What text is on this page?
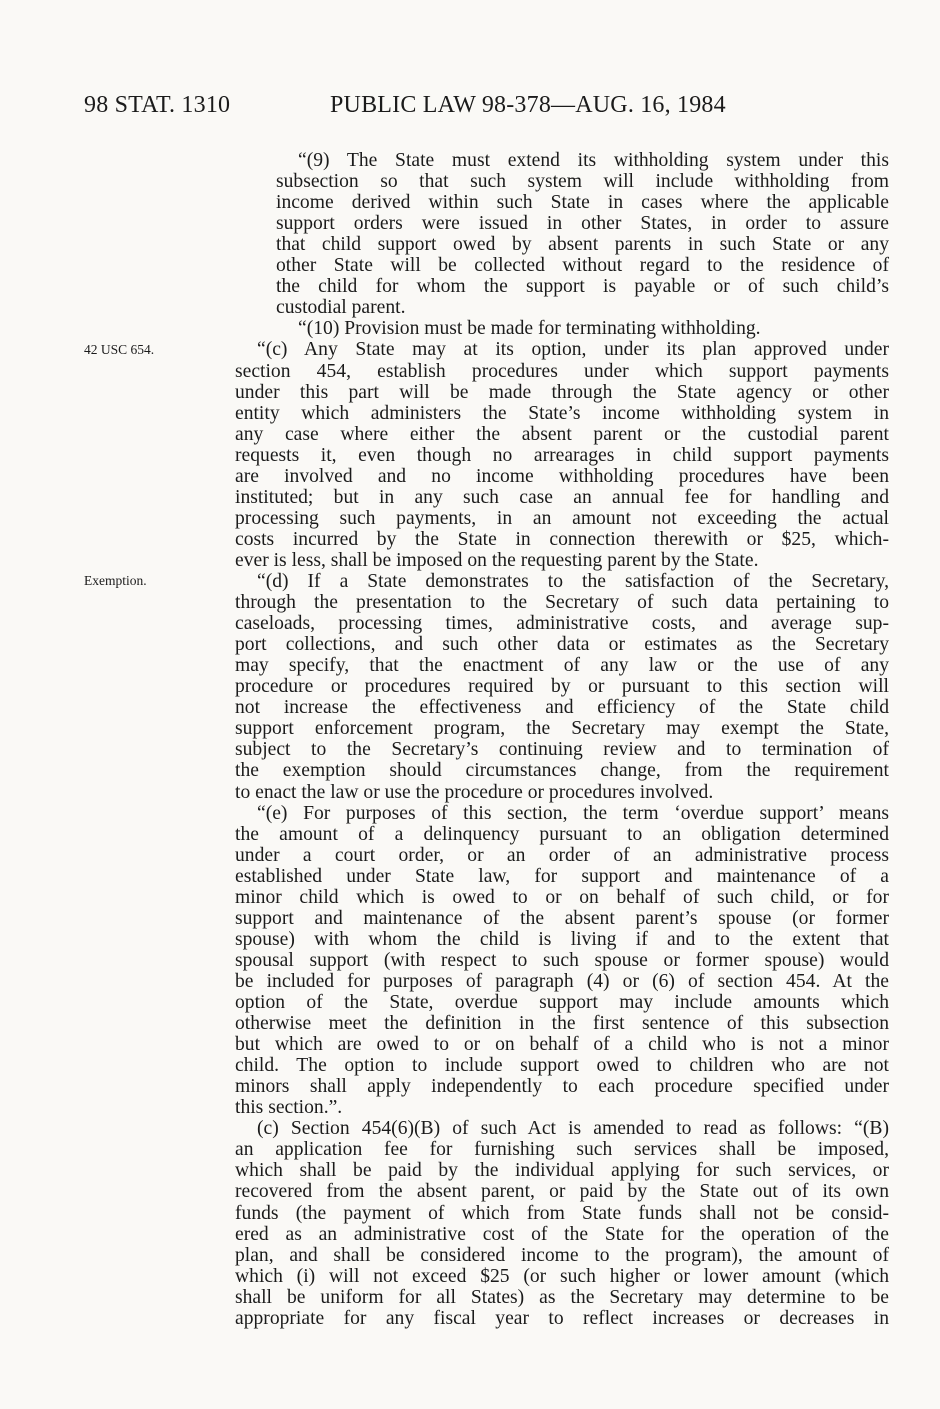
98 STAT. 1310	PUBLIC LAW 98-378—AUG. 16, 1984
42 USC 654.
Exemption.
“(9) The State must extend its withholding system under this
subsection so that such system will include withholding from
income derived within such State in cases where the applicable
support orders were issued in other States, in order to assure
that child support owed by absent parents in such State or any
other State will be collected without regard to the residence of
the child for whom the support is payable or of such child’s
custodial parent.
“(10) Provision must be made for terminating withholding.
“(c) Any State may at its option, under its plan approved under
section 454, establish procedures under which support payments
under this part will be made through the State agency or other
entity which administers the State’s income withholding system in
any case where either the absent parent or the custodial parent
requests it, even though no arrearages in child support payments
are involved and no income withholding procedures have been
instituted; but in any such case an annual fee for handling and
processing such payments, in an amount not exceeding the actual
costs incurred by the State in connection therewith or $25, which-
ever is less, shall be imposed on the requesting parent by the State.
“(d) If a State demonstrates to the satisfaction of the Secretary,
through the presentation to the Secretary of such data pertaining to
caseloads, processing times, administrative costs, and average sup-
port collections, and such other data or estimates as the Secretary
may specify, that the enactment of any law or the use of any
procedure or procedures required by or pursuant to this section will
not increase the effectiveness and efficiency of the State child
support enforcement program, the Secretary may exempt the State,
subject to the Secretary’s continuing review and to termination of
the exemption should circumstances change, from the requirement
to enact the law or use the procedure or procedures involved.
“(e) For purposes of this section, the term ‘overdue support’ means
the amount of a delinquency pursuant to an obligation determined
under a court order, or an order of an administrative process
established under State law, for support and maintenance of a
minor child which is owed to or on behalf of such child, or for
support and maintenance of the absent parent’s spouse (or former
spouse) with whom the child is living if and to the extent that
spousal support (with respect to such spouse or former spouse) would
be included for purposes of paragraph (4) or (6) of section 454. At the
option of the State, overdue support may include amounts which
otherwise meet the definition in the first sentence of this subsection
but which are owed to or on behalf of a child who is not a minor
child. The option to include support owed to children who are not
minors shall apply independently to each procedure specified under
this section.”.
(c) Section 454(6)(B) of such Act is amended to read as follows: “(B)
an application fee for furnishing such services shall be imposed,
which shall be paid by the individual applying for such services, or
recovered from the absent parent, or paid by the State out of its own
funds (the payment of which from State funds shall not be consid-
ered as an administrative cost of the State for the operation of the
plan, and shall be considered income to the program), the amount of
which (i) will not exceed $25 (or such higher or lower amount (which
shall be uniform for all States) as the Secretary may determine to be
appropriate for any fiscal year to reflect increases or decreases in
